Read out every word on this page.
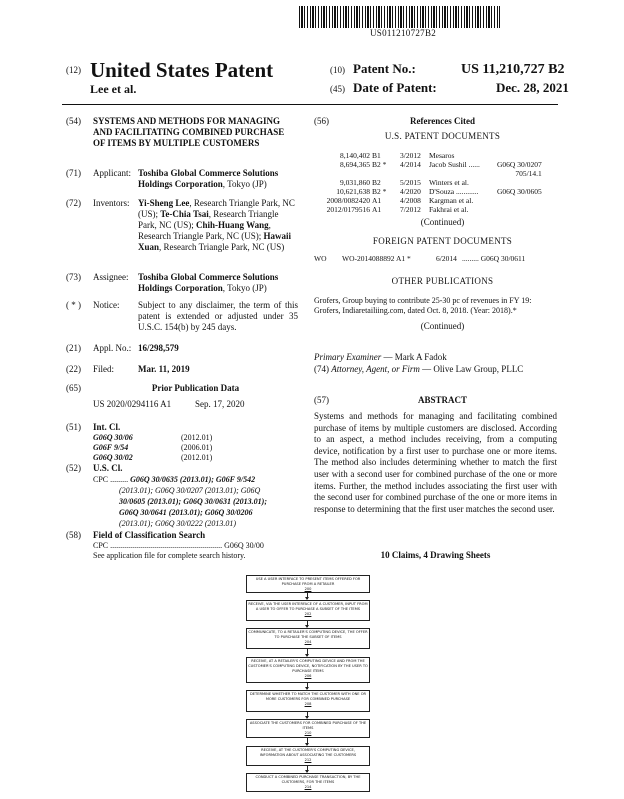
US011210727B2
(12) United States Patent
Lee et al.
(10) Patent No.:	US 11,210,727 B2
(45) Date of Patent:	Dec. 28, 2021
(54) SYSTEMS AND METHODS FOR MANAGING AND FACILITATING COMBINED PURCHASE OF ITEMS BY MULTIPLE CUSTOMERS
(71) Applicant: Toshiba Global Commerce Solutions Holdings Corporation, Tokyo (JP)
(72) Inventors: Yi-Sheng Lee, Research Triangle Park, NC (US); Te-Chia Tsai, Research Triangle Park, NC (US); Chih-Huang Wang, Research Triangle Park, NC (US); Hawaii Xuan, Research Triangle Park, NC (US)
(73) Assignee: Toshiba Global Commerce Solutions Holdings Corporation, Tokyo (JP)
( * ) Notice: Subject to any disclaimer, the term of this patent is extended or adjusted under 35 U.S.C. 154(b) by 245 days.
(21) Appl. No.: 16/298,579
(22) Filed:	Mar. 11, 2019
(65)	Prior Publication Data
US 2020/0294116 A1	Sep. 17, 2020
(51) Int. Cl.
G06Q 30/06	(2012.01)
G06F 9/54	(2006.01)
G06Q 30/02	(2012.01)
(52) U.S. Cl.
CPC ......... G06Q 30/0635 (2013.01); G06F 9/542
(2013.01); G06Q 30/0207 (2013.01); G06Q
30/0605 (2013.01); G06Q 30/0631 (2013.01);
G06Q 30/0641 (2013.01); G06Q 30/0206
(2013.01); G06Q 30/0222 (2013.01)
(58) Field of Classification Search
CPC ........................................................ G06Q 30/00
See application file for complete search history.
(56)	References Cited
U.S. PATENT DOCUMENTS
8,140,402	B1	3/2012	Mesaros	
8,694,365	B2 *	4/2014	Jacob Sushil ......	G06Q 30/0207
				705/14.1
9,031,860	B2	5/2015	Winters et al.	
10,621,638	B2 *	4/2020	D'Souza ............	G06Q 30/0605
2008/0082420	A1	4/2008	Kargman et al.	
2012/0179516	A1	7/2012	Fakhrai et al.	
(Continued)
FOREIGN PATENT DOCUMENTS
WO WO-2014088892 A1 *	6/2014 ......... G06Q 30/0611
OTHER PUBLICATIONS
Grofers, Group buying to contribute 25-30 pc of revenues in FY 19: Grofers, Indiaretailiing.com, dated Oct. 8, 2018. (Year: 2018).*
(Continued)
Primary Examiner — Mark A Fadok
(74) Attorney, Agent, or Firm — Olive Law Group, PLLC
(57)	ABSTRACT
Systems and methods for managing and facilitating combined purchase of items by multiple customers are disclosed. According to an aspect, a method includes receiving, from a computing device, notification by a first user to purchase one or more items. The method also includes determining whether to match the first user with a second user for combined purchase of the one or more items. Further, the method includes associating the first user with the second user for combined purchase of the one or more items in response to determining that the first user matches the second user.
10 Claims, 4 Drawing Sheets
USE A USER INTERFACE TO PRESENT ITEMS OFFERED FOR PURCHASE FROM A RETAILER
200
RECEIVE, VIA THE USER INTERFACE OF A CUSTOMER, INPUT FROM A USER TO OFFER TO PURCHASE A SUBSET OF THE ITEMS
202
COMMUNICATE, TO A RETAILER'S COMPUTING DEVICE, THE OFFER TO PURCHASE THE SUBSET OF ITEMS
204
RECEIVE, AT A RETAILER'S COMPUTING DEVICE AND FROM THE CUSTOMER'S COMPUTING DEVICE, NOTIFICATION BY THE USER TO PURCHASE ITEMS
206
DETERMINE WHETHER TO MATCH THE CUSTOMER WITH ONE OR MORE CUSTOMERS FOR COMBINED PURCHASE
208
ASSOCIATE THE CUSTOMERS FOR COMBINED PURCHASE OF THE ITEMS
210
RECEIVE, AT THE CUSTOMER'S COMPUTING DEVICE, INFORMATION ABOUT ASSOCIATING THE CUSTOMERS
212
CONDUCT A COMBINED PURCHASE TRANSACTION, BY THE CUSTOMERS, FOR THE ITEMS
214
